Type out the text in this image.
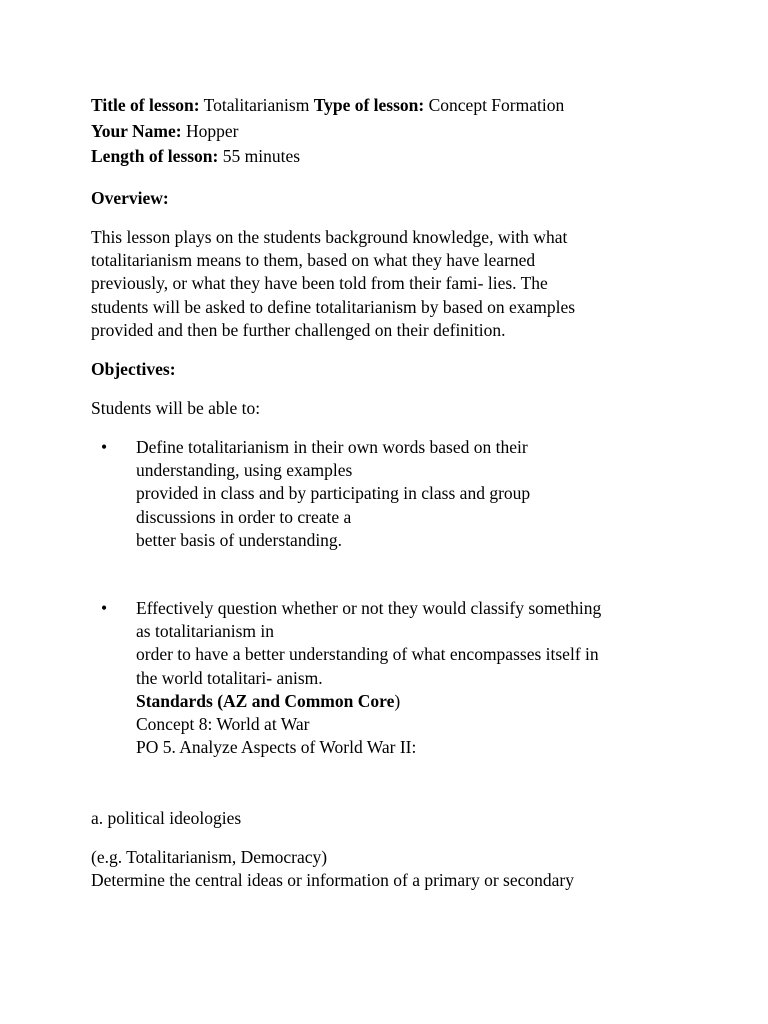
Title of lesson: Totalitarianism Type of lesson: Concept Formation
Your Name: Hopper
Length of lesson: 55 minutes
Overview:
This lesson plays on the students background knowledge, with what
totalitarianism means to them, based on what they have learned
previously, or what they have been told from their fami- lies. The
students will be asked to define totalitarianism by based on examples
provided and then be further challenged on their definition.
Objectives:
Students will be able to:
• Define totalitarianism in their own words based on their
understanding, using examples
provided in class and by participating in class and group
discussions in order to create a
better basis of understanding.
• Effectively question whether or not they would classify something
as totalitarianism in
order to have a better understanding of what encompasses itself in
the world totalitari- anism.
Standards (AZ and Common Core)
Concept 8: World at War
PO 5. Analyze Aspects of World War II:
a. political ideologies
(e.g. Totalitarianism, Democracy)
Determine the central ideas or information of a primary or secondary
